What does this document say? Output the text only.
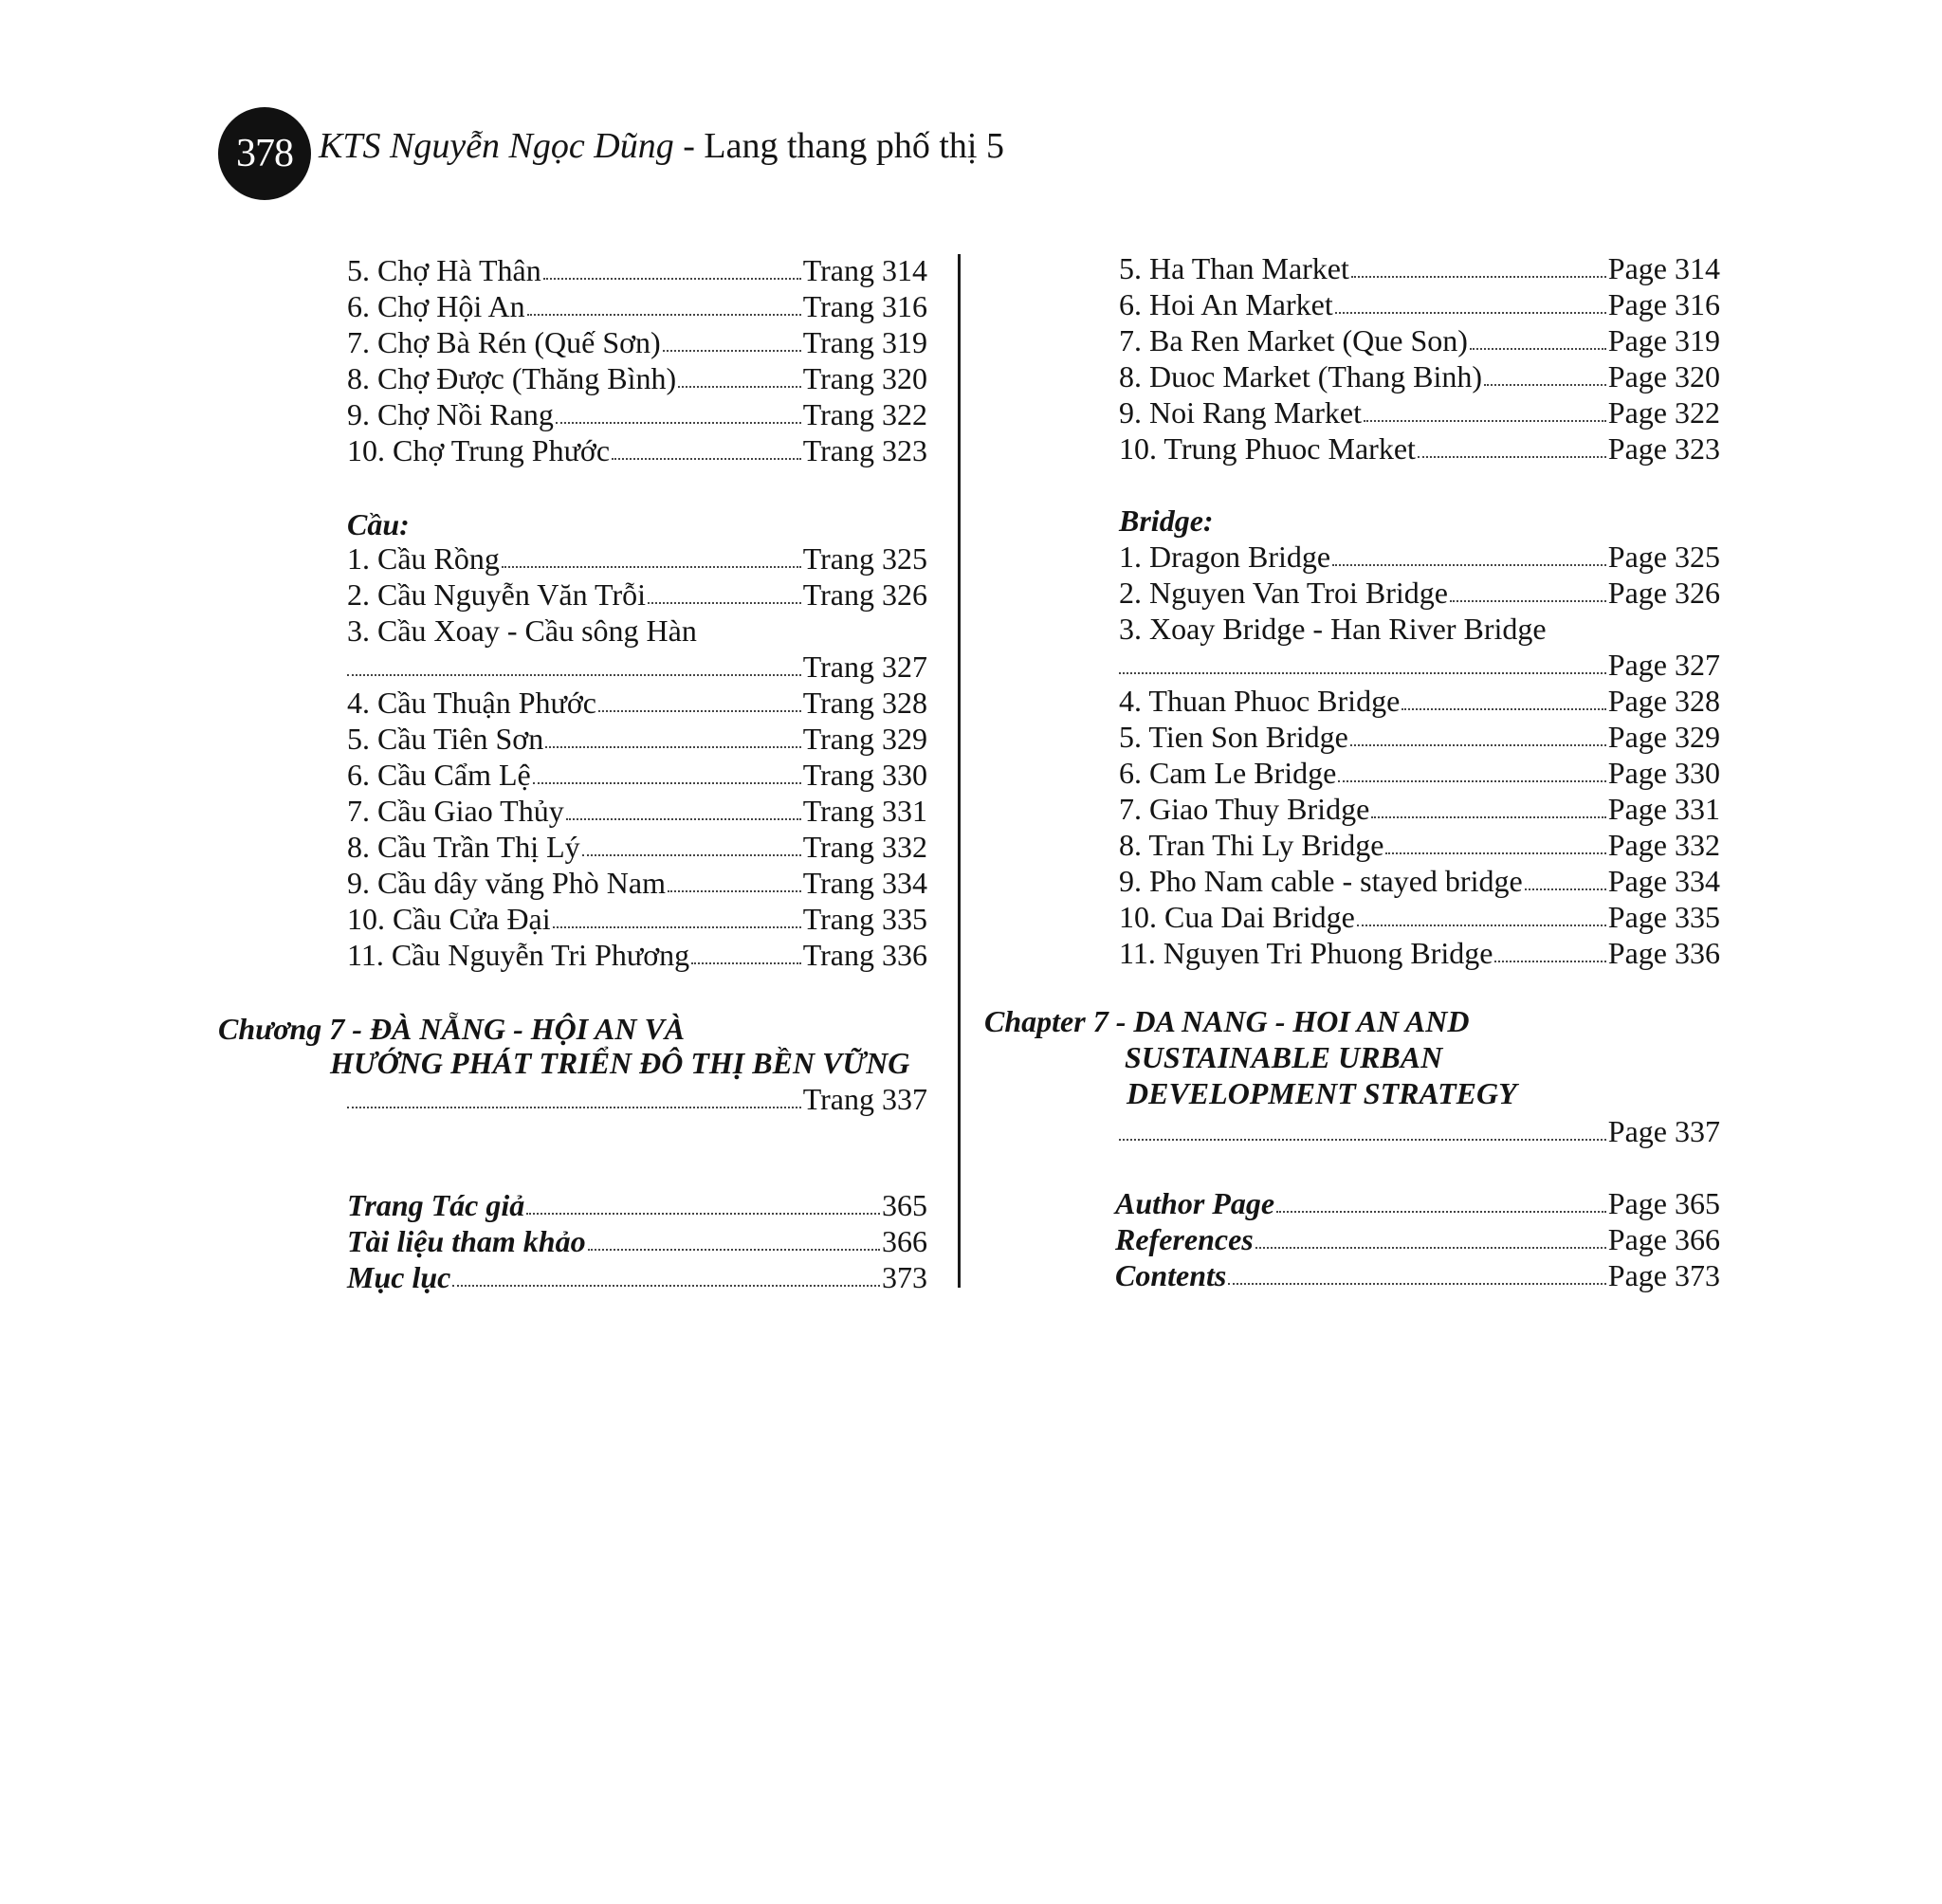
378 KTS Nguyễn Ngọc Dũng - Lang thang phố thị 5
5. Chợ Hà Thân	Trang 314
6. Chợ Hội An	Trang 316
7. Chợ Bà Rén (Quế Sơn)	Trang 319
8. Chợ Được (Thăng Bình)	Trang 320
9. Chợ Nồi Rang	Trang 322
10. Chợ Trung Phước	Trang 323
Cầu:
1. Cầu Rồng	Trang 325
2. Cầu Nguyễn Văn Trỗi	Trang 326
3. Cầu Xoay - Cầu sông Hàn
Trang 327
4. Cầu Thuận Phước	Trang 328
5. Cầu Tiên Sơn	Trang 329
6. Cầu Cẩm Lệ	Trang 330
7. Cầu Giao Thủy	Trang 331
8. Cầu Trần Thị Lý	Trang 332
9. Cầu dây văng Phò Nam	Trang 334
10. Cầu Cửa Đại	Trang 335
11. Cầu Nguyễn Tri Phương	Trang 336
Chương 7 - ĐÀ NẴNG - HỘI AN VÀ
HƯỚNG PHÁT TRIỂN ĐÔ THỊ BỀN VỮNG
Trang 337
Trang Tác giả	365
Tài liệu tham khảo	366
Mục lục	373
5. Ha Than Market	Page 314
6. Hoi An Market	Page 316
7. Ba Ren Market (Que Son)	Page 319
8. Duoc Market (Thang Binh)	Page 320
9. Noi Rang Market	Page 322
10. Trung Phuoc Market	Page 323
Bridge:
1. Dragon Bridge	Page 325
2. Nguyen Van Troi Bridge	Page 326
3. Xoay Bridge - Han River Bridge
Page 327
4. Thuan Phuoc Bridge	Page 328
5. Tien Son Bridge	Page 329
6. Cam Le Bridge	Page 330
7. Giao Thuy Bridge	Page 331
8. Tran Thi Ly Bridge	Page 332
9. Pho Nam cable - stayed bridge	Page 334
10. Cua Dai Bridge	Page 335
11. Nguyen Tri Phuong Bridge	Page 336
Chapter 7 - DA NANG - HOI AN AND
SUSTAINABLE URBAN
DEVELOPMENT STRATEGY
Page 337
Author Page	Page 365
References	Page 366
Contents	Page 373
